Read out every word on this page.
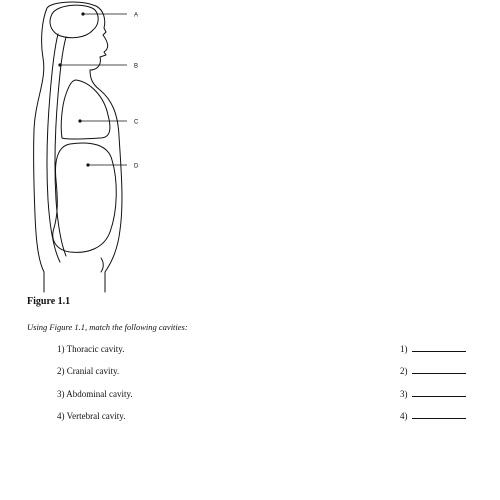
A
B
C
D
Figure 1.1
Using Figure 1.1, match the following cavities:
1) Thoracic cavity.
2) Cranial cavity.
3) Abdominal cavity.
4) Vertebral cavity.
1)
2)
3)
4)
